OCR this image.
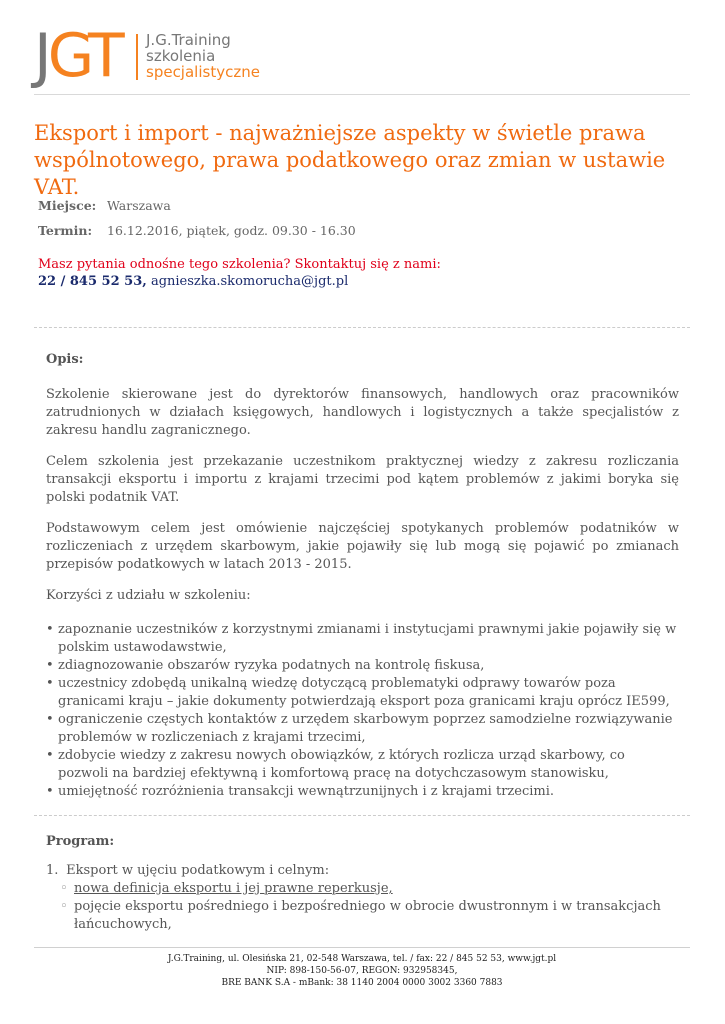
J GT J.G.Training
szkolenia
specjalistyczne
Eksport i import - najważniejsze aspekty w świetle prawa wspólnotowego, prawa podatkowego oraz zmian w ustawie VAT.
Miejsce: Warszawa
Termin:	16.12.2016, piątek, godz. 09.30 - 16.30
Masz pytania odnośne tego szkolenia? Skontaktuj się z nami:
22 / 845 52 53, agnieszka.skomorucha@jgt.pl
Opis:

Szkolenie skierowane jest do dyrektorów finansowych, handlowych oraz pracowników zatrudnionych w działach księgowych, handlowych i logistycznych a także specjalistów z zakresu handlu zagranicznego.

Celem szkolenia jest przekazanie uczestnikom praktycznej wiedzy z zakresu rozliczania transakcji eksportu i importu z krajami trzecimi pod kątem problemów z jakimi boryka się polski podatnik VAT.

Podstawowym celem jest omówienie najczęściej spotykanych problemów podatników w rozliczeniach z urzędem skarbowym, jakie pojawiły się lub mogą się pojawić po zmianach przepisów podatkowych w latach 2013 - 2015.

Korzyści z udziału w szkoleniu:

• zapoznanie uczestników z korzystnymi zmianami i instytucjami prawnymi jakie pojawiły się w polskim ustawodawstwie,
• zdiagnozowanie obszarów ryzyka podatnych na kontrolę fiskusa,
• uczestnicy zdobędą unikalną wiedzę dotyczącą problematyki odprawy towarów poza granicami kraju – jakie dokumenty potwierdzają eksport poza granicami kraju oprócz IE599,
• ograniczenie częstych kontaktów z urzędem skarbowym poprzez samodzielne rozwiązywanie problemów w rozliczeniach z krajami trzecimi,
• zdobycie wiedzy z zakresu nowych obowiązków, z których rozlicza urząd skarbowy, co pozwoli na bardziej efektywną i komfortową pracę na dotychczasowym stanowisku,
• umiejętność rozróżnienia transakcji wewnątrzunijnych i z krajami trzecimi.
Program:
1. Eksport w ujęciu podatkowym i celnym:
◦ nowa definicja eksportu i jej prawne reperkusje,
◦ pojęcie eksportu pośredniego i bezpośredniego w obrocie dwustronnym i w transakcjach łańcuchowych,
J.G.Training, ul. Olesińska 21, 02-548 Warszawa, tel. / fax: 22 / 845 52 53, www.jgt.pl
NIP: 898-150-56-07, REGON: 932958345,
BRE BANK S.A - mBank: 38 1140 2004 0000 3002 3360 7883
